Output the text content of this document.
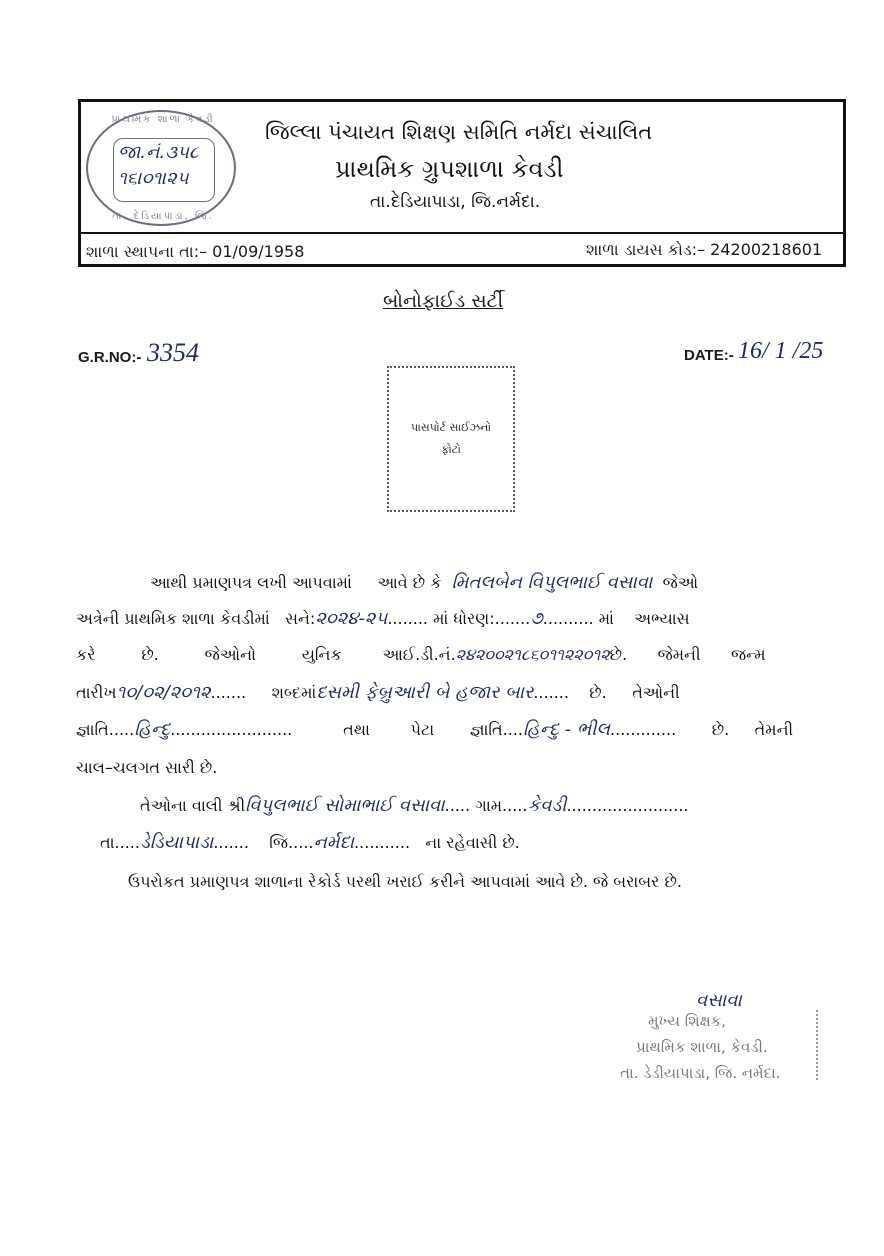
પ્રાથમિક શાળા કેવડી
જા.નં.૩૫૮
૧૬।૦૧।૨૫
તા. દેડિયાપાડા, જિ.
જિલ્લા પંચાયત શિક્ષણ સમિતિ નર્મદા સંચાલિત
પ્રાથમિક ગ્રુપશાળા કેવડી
તા.દેડિયાપાડા, જિ.નર્મદા.
શાળા સ્થાપના તા:– 01/09/1958	શાળા ડાયસ કોડ:– 24200218601
બોનોફાઈડ સર્ટી
G.R.NO:- 3354	DATE:- 16/ 1 /25
પાસપોર્ટ સાઈઝનો
ફોટો
આથી પ્રમાણપત્ર લખી આપવામાં આવે છે કે મિતલબેન વિપુલભાઈ વસાવા જેઓ
અત્રેની પ્રાથમિક શાળા કેવડીમાં સને:૨૦૨૪-૨૫........ માં ધોરણ:.......૭.......... માં અભ્યાસ
કરે	છે.	જેઓનો	યુનિક	આઈ.ડી.નં.૨૪૨૦૦૨૧૮૬૦૧૧૨૨૦૧૨છે. જેમની જન્મ
તારીખ૧૦/૦૨/૨૦૧૨....... શબ્દમાંદસમી ફેબ્રુઆરી બે હજાર બાર....... છે. તેઓની
જ્ઞાતિ.....હિન્દુ........................	તથા	પેટા જ્ઞાતિ....હિન્દુ - ભીલ............. છે. તેમની
ચાલ–ચલગત સારી છે.
તેઓના વાલી શ્રીવિપુલભાઈ સોમાભાઈ વસાવા..... ગામ.....કેવડી........................
તા.....ડેડિયાપાડા....... જિ.....નર્મદા........... ના રહેવાસી છે.
ઉપરોકત પ્રમાણપત્ર શાળાના રેકોર્ડ પરથી ખરાઈ કરીને આપવામાં આવે છે. જે બરાબર છે.
વસાવા
મુખ્ય શિક્ષક,
પ્રાથમિક શાળા, કેવડી.
તા. ડેડીયાપાડા, જિ. નર્મદા.
